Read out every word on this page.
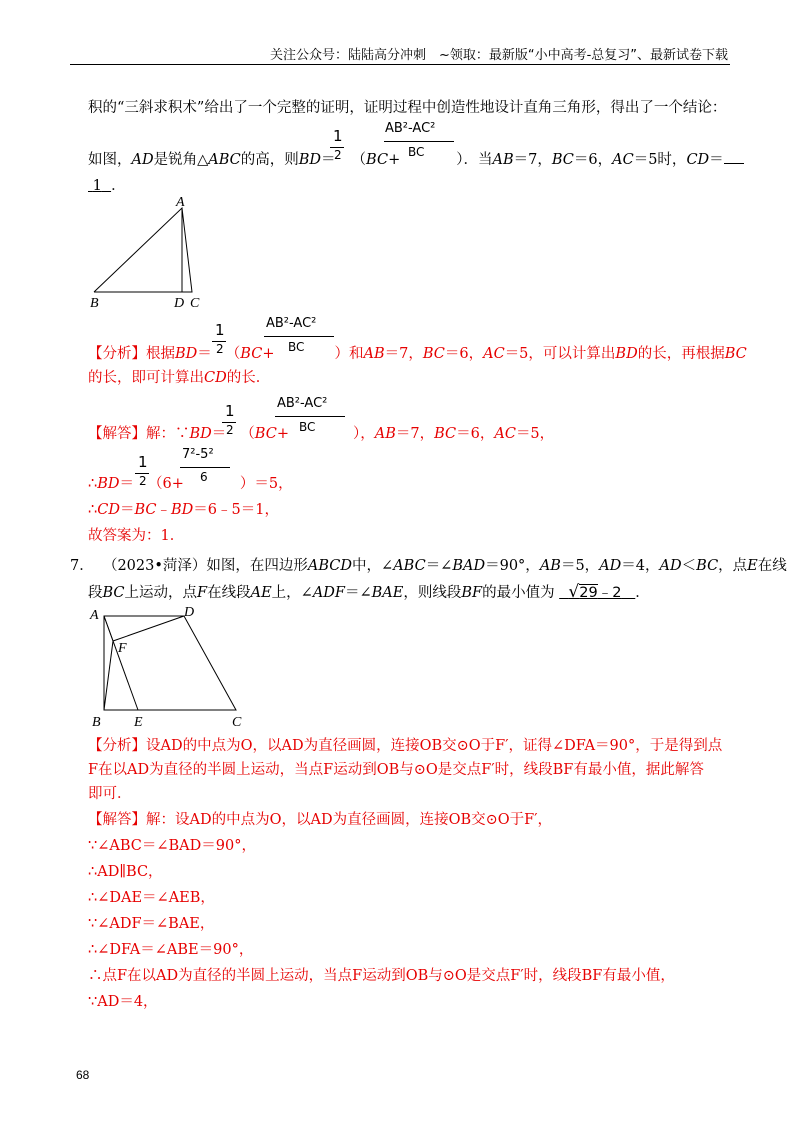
关注公众号：陆陆高分冲刺　~领取：最新版“小中高考-总复习”、最新试卷下载
积的“三斜求积术”给出了一个完整的证明，证明过程中创造性地设计直角三角形，得出了一个结论：
1
2
AB²-AC²
BC
如图，AD是锐角△ABC的高，则BD＝ （BC+	）．当AB＝7，BC＝6，AC＝5时，CD＝
1 ．
A
B	D C
1
2
AB²-AC²
BC
【分析】根据BD＝ （BC+	）和AB＝7，BC＝6，AC＝5，可以计算出BD的长，再根据BC
的长，即可计算出CD的长．
1
2
AB²-AC²
BC
【解答】解：∵BD＝ （BC+	），AB＝7，BC＝6，AC＝5，
1
2
7²-5²
6
∴BD＝ （6+	）＝5，
∴CD＝BC﹣BD＝6﹣5＝1，
故答案为：1．
7． （2023•菏泽）如图，在四边形ABCD中，∠ABC＝∠BAD＝90°，AB＝5，AD＝4，AD＜BC，点E在线
段BC上运动，点F在线段AE上，∠ADF＝∠BAE，则线段BF的最小值为 √29﹣2 ．
A	D
F
B E	C
【分析】设AD的中点为O，以AD为直径画圆，连接OB交⊙O于F′，证得∠DFA＝90°，于是得到点
F在以AD为直径的半圆上运动，当点F运动到OB与⊙O是交点F′时，线段BF有最小值，据此解答
即可．
【解答】解：设AD的中点为O，以AD为直径画圆，连接OB交⊙O于F′，
∵∠ABC＝∠BAD＝90°，
∴AD∥BC，
∴∠DAE＝∠AEB，
∵∠ADF＝∠BAE，
∴∠DFA＝∠ABE＝90°，
∴点F在以AD为直径的半圆上运动，当点F运动到OB与⊙O是交点F′时，线段BF有最小值，
∵AD＝4，
68
